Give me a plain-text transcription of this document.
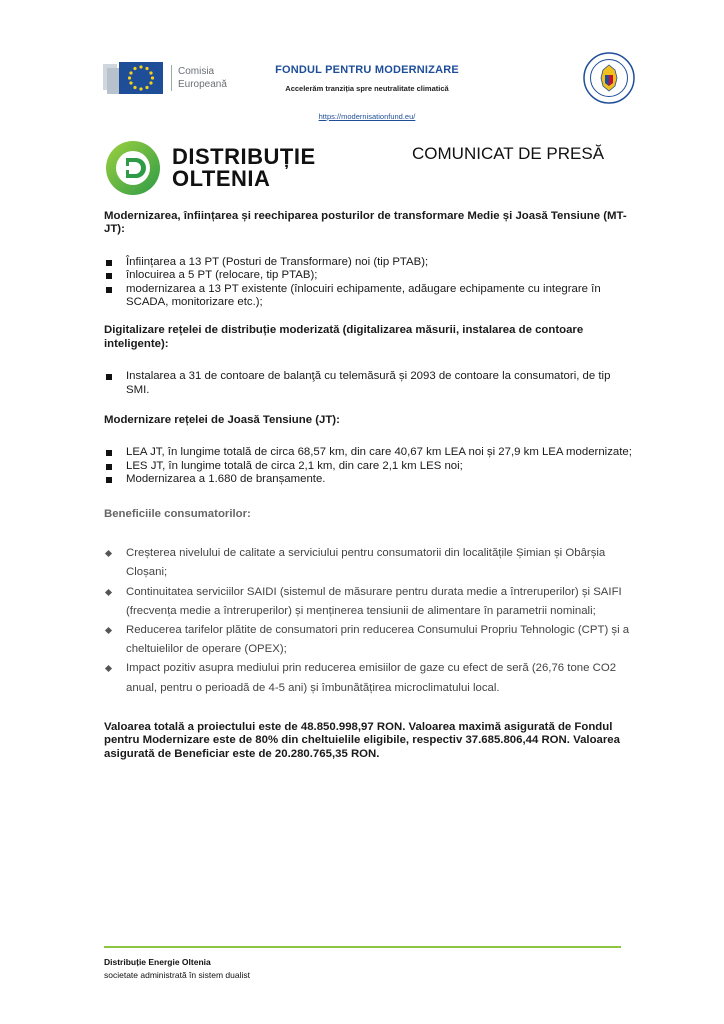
Comisia
Europeană
FONDUL PENTRU MODERNIZARE
Accelerăm tranziția spre neutralitate climatică
https://modernisationfund.eu/
DISTRIBUȚIE
OLTENIA
COMUNICAT DE PRESĂ
Modernizarea, înființarea și reechiparea posturilor de transformare Medie și Joasă Tensiune (MT-JT):
Înființarea a 13 PT (Posturi de Transformare) noi (tip PTAB);
înlocuirea a 5 PT (relocare, tip PTAB);
modernizarea a 13 PT existente (înlocuiri echipamente, adăugare echipamente cu integrare în SCADA, monitorizare etc.);
Digitalizare rețelei de distribuție moderizată (digitalizarea măsurii, instalarea de contoare inteligente):
Instalarea a 31 de contoare de balanţă cu telemăsură și 2093 de contoare la consumatori, de tip SMI.
Modernizare rețelei de Joasă Tensiune (JT):
LEA JT, în lungime totală de circa 68,57 km, din care 40,67 km LEA noi și 27,9 km LEA modernizate;
LES JT, în lungime totală de circa 2,1 km, din care 2,1 km LES noi;
Modernizarea a 1.680 de branșamente.
Beneficiile consumatorilor:
Creșterea nivelului de calitate a serviciului pentru consumatorii din localitățile Șimian și Obârșia Cloșani;
Continuitatea serviciilor SAIDI (sistemul de măsurare pentru durata medie a întreruperilor) și SAIFI (frecvența medie a întreruperilor) și menținerea tensiunii de alimentare în parametrii nominali;
Reducerea tarifelor plătite de consumatori prin reducerea Consumului Propriu Tehnologic (CPT) și a cheltuielilor de operare (OPEX);
Impact pozitiv asupra mediului prin reducerea emisiilor de gaze cu efect de seră (26,76 tone CO2 anual, pentru o perioadă de 4-5 ani) și îmbunătățirea microclimatului local.
Valoarea totală a proiectului este de 48.850.998,97 RON. Valoarea maximă asigurată de Fondul pentru Modernizare este de 80% din cheltuielile eligibile, respectiv 37.685.806,44 RON. Valoarea asigurată de Beneficiar este de 20.280.765,35 RON.
Distribuție Energie Oltenia
societate administrată în sistem dualist
